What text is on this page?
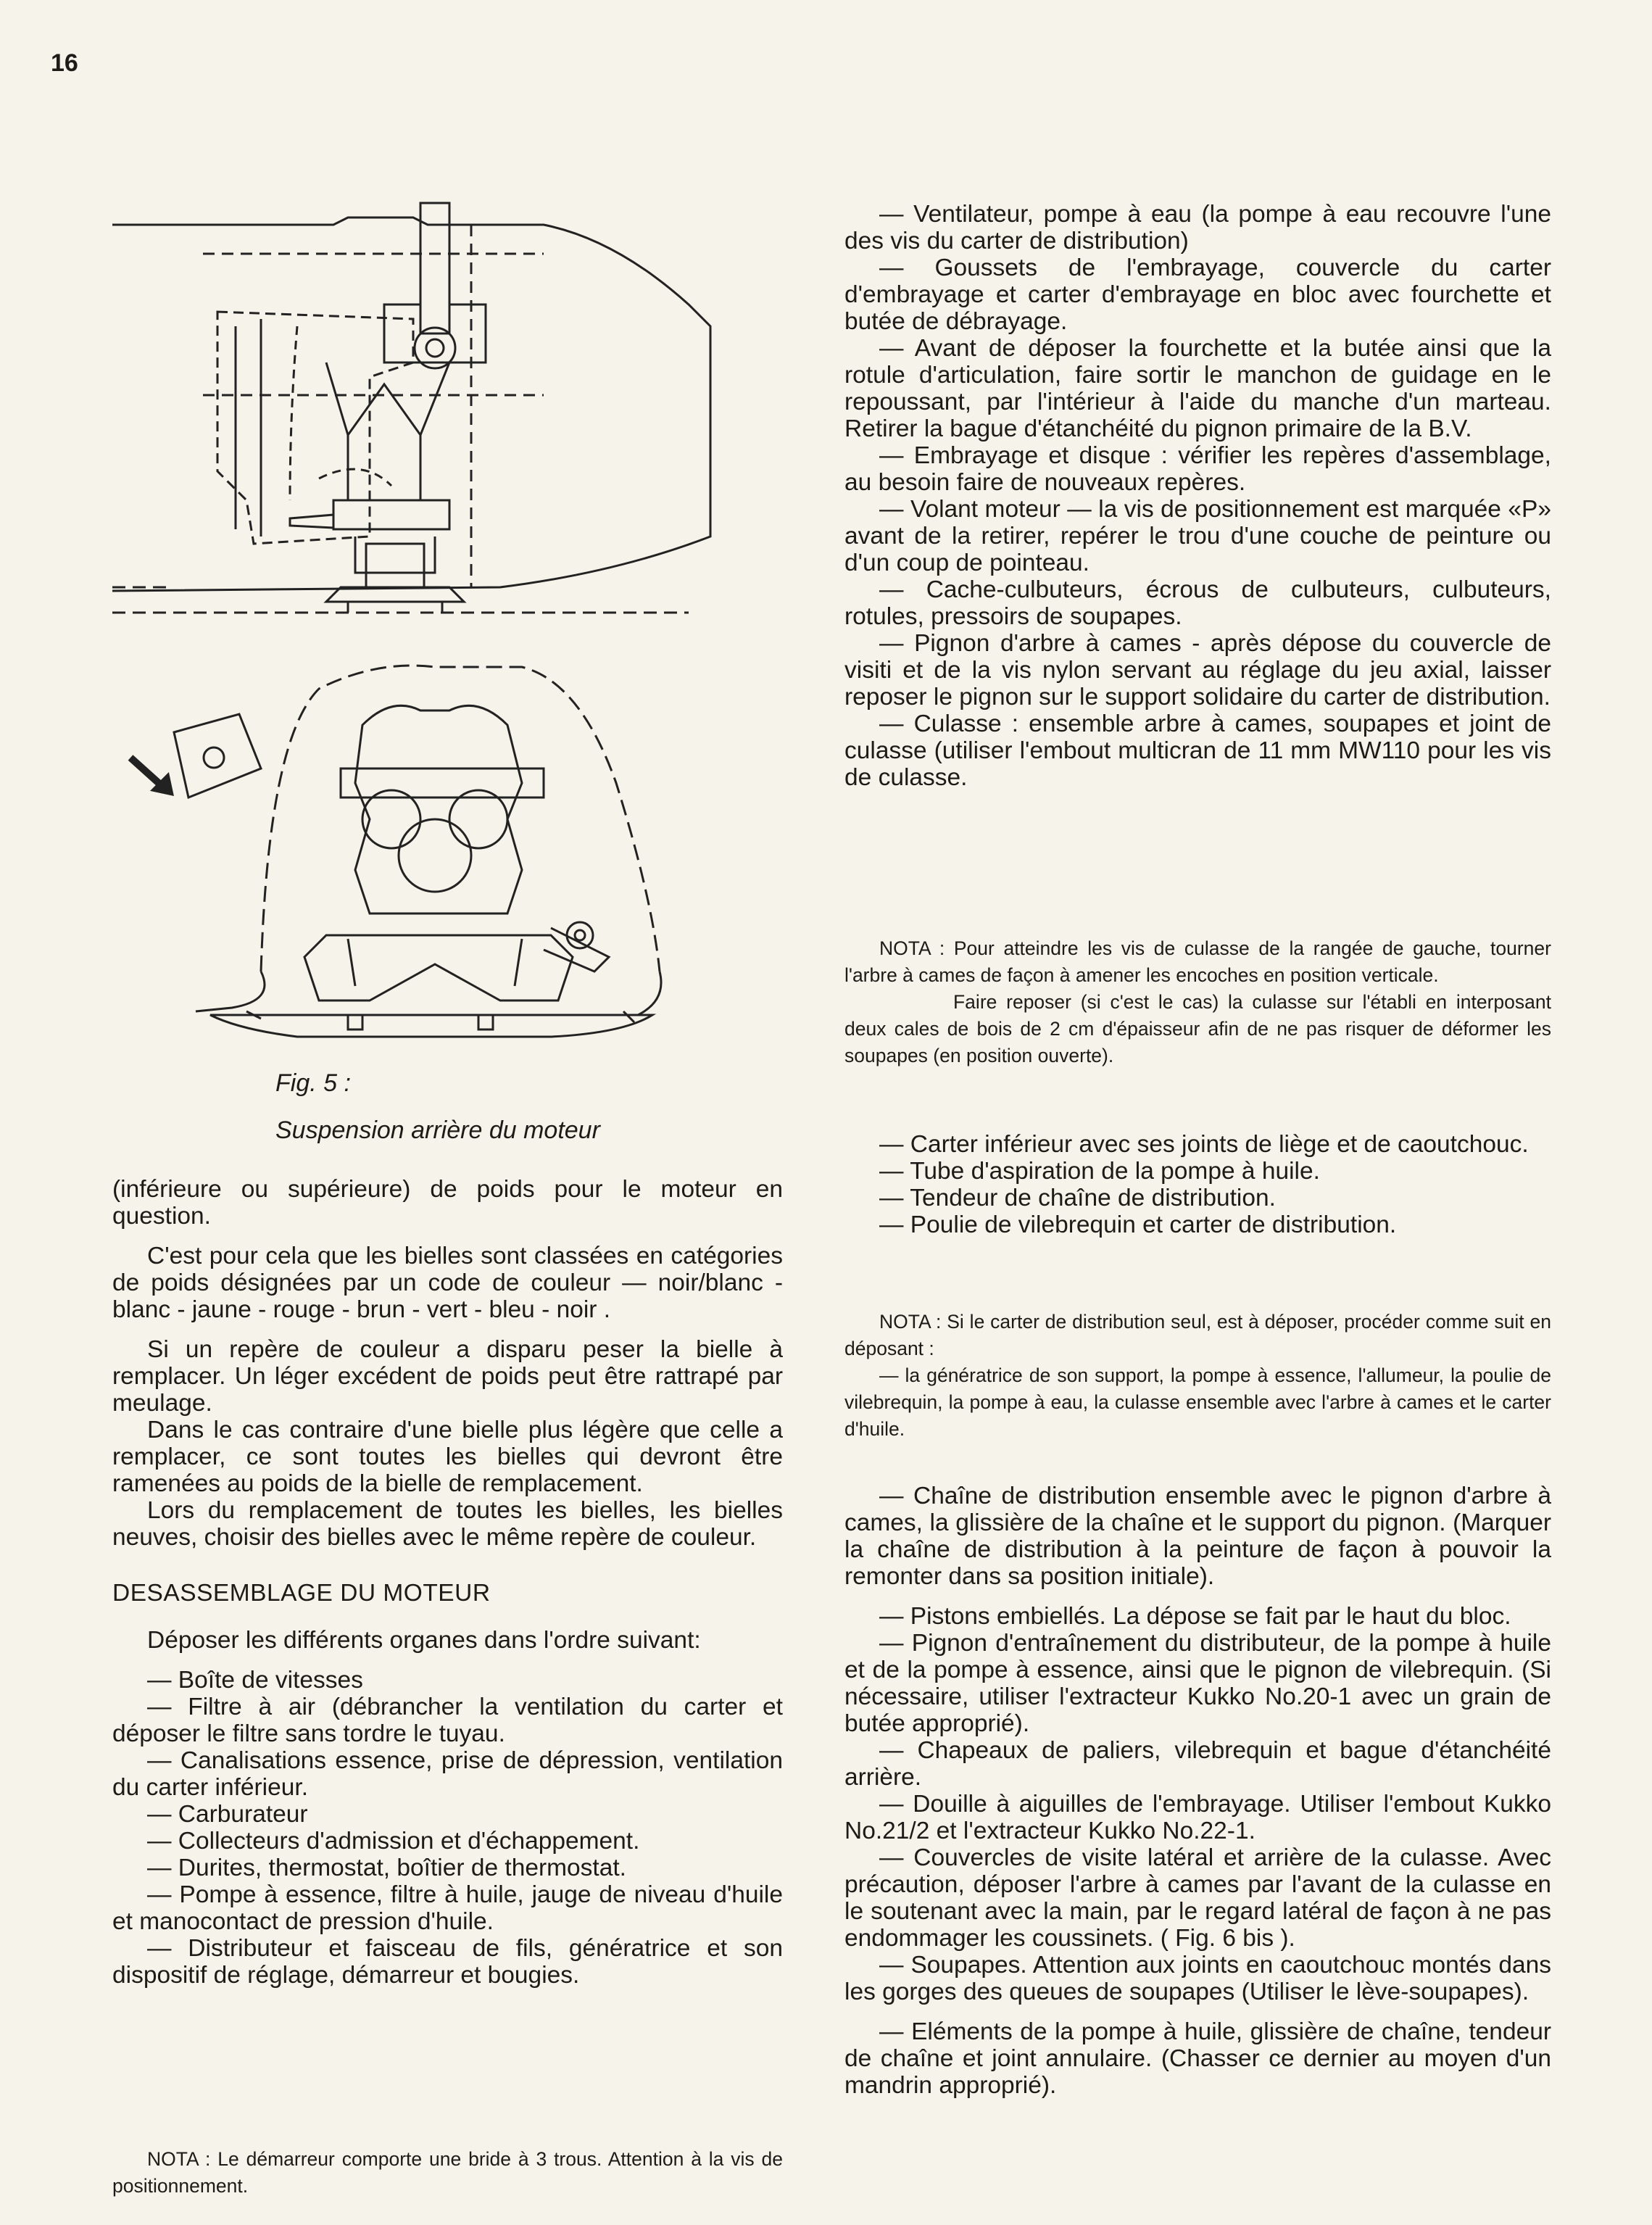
16
Fig. 5 :
Suspension arrière du moteur

— Ventilateur, pompe à eau (la pompe à eau recouvre l'une des vis du carter de distribution)

— Goussets de l'embrayage, couvercle du carter d'embrayage et carter d'embrayage en bloc avec fourchette et butée de débrayage.

— Avant de déposer la fourchette et la butée ainsi que la rotule d'articulation, faire sortir le manchon de guidage en le repoussant, par l'intérieur à l'aide du manche d'un marteau. Retirer la bague d'étanchéité du pignon primaire de la B.V.

— Embrayage et disque : vérifier les repères d'assemblage, au besoin faire de nouveaux repères.

— Volant moteur — la vis de positionnement est marquée «P» avant de la retirer, repérer le trou d'une couche de peinture ou d'un coup de pointeau.

— Cache-culbuteurs, écrous de culbuteurs, culbuteurs, rotules, pressoirs de soupapes.

— Pignon d'arbre à cames - après dépose du couvercle de visiti et de la vis nylon servant au réglage du jeu axial, laisser reposer le pignon sur le support solidaire du carter de distribution.

— Culasse : ensemble arbre à cames, soupapes et joint de culasse (utiliser l'embout multicran de 11 mm MW110 pour les vis de culasse.

NOTA : Pour atteindre les vis de culasse de la rangée de gauche, tourner l'arbre à cames de façon à amener les encoches en position verticale.

Faire reposer (si c'est le cas) la culasse sur l'établi en interposant deux cales de bois de 2 cm d'épaisseur afin de ne pas risquer de déformer les soupapes (en position ouverte).

— Carter inférieur avec ses joints de liège et de caoutchouc.

— Tube d'aspiration de la pompe à huile.

— Tendeur de chaîne de distribution.

— Poulie de vilebrequin et carter de distribution.

NOTA : Si le carter de distribution seul, est à déposer, procéder comme suit en déposant :

— la génératrice de son support, la pompe à essence, l'allumeur, la poulie de vilebrequin, la pompe à eau, la culasse ensemble avec l'arbre à cames et le carter d'huile.

— Chaîne de distribution ensemble avec le pignon d'arbre à cames, la glissière de la chaîne et le support du pignon. (Marquer la chaîne de distribution à la peinture de façon à pouvoir la remonter dans sa position initiale).

— Pistons embiellés. La dépose se fait par le haut du bloc.

— Pignon d'entraînement du distributeur, de la pompe à huile et de la pompe à essence, ainsi que le pignon de vilebrequin. (Si nécessaire, utiliser l'extracteur Kukko No.20-1 avec un grain de butée approprié).

— Chapeaux de paliers, vilebrequin et bague d'étanchéité arrière.

— Douille à aiguilles de l'embrayage. Utiliser l'embout Kukko No.21/2 et l'extracteur Kukko No.22-1.

— Couvercles de visite latéral et arrière de la culasse. Avec précaution, déposer l'arbre à cames par l'avant de la culasse en le soutenant avec la main, par le regard latéral de façon à ne pas endommager les coussinets. ( Fig. 6 bis ).

— Soupapes. Attention aux joints en caoutchouc montés dans les gorges des queues de soupapes (Utiliser le lève-soupapes).

— Eléments de la pompe à huile, glissière de chaîne, tendeur de chaîne et joint annulaire. (Chasser ce dernier au moyen d'un mandrin approprié).

(inférieure ou supérieure) de poids pour le moteur en question.

C'est pour cela que les bielles sont classées en catégories de poids désignées par un code de couleur — noir/blanc - blanc - jaune - rouge - brun - vert - bleu - noir .

Si un repère de couleur a disparu peser la bielle à remplacer. Un léger excédent de poids peut être rattrapé par meulage.

Dans le cas contraire d'une bielle plus légère que celle a remplacer, ce sont toutes les bielles qui devront être ramenées au poids de la bielle de remplacement.

Lors du remplacement de toutes les bielles, les bielles neuves, choisir des bielles avec le même repère de couleur.

DESASSEMBLAGE DU MOTEUR

Déposer les différents organes dans l'ordre suivant:

— Boîte de vitesses

— Filtre à air (débrancher la ventilation du carter et déposer le filtre sans tordre le tuyau.

— Canalisations essence, prise de dépression, ventilation du carter inférieur.

— Carburateur

— Collecteurs d'admission et d'échappement.

— Durites, thermostat, boîtier de thermostat.

— Pompe à essence, filtre à huile, jauge de niveau d'huile et manocontact de pression d'huile.

— Distributeur et faisceau de fils, génératrice et son dispositif de réglage, démarreur et bougies.

NOTA : Le démarreur comporte une bride à 3 trous. Attention à la vis de positionnement.
